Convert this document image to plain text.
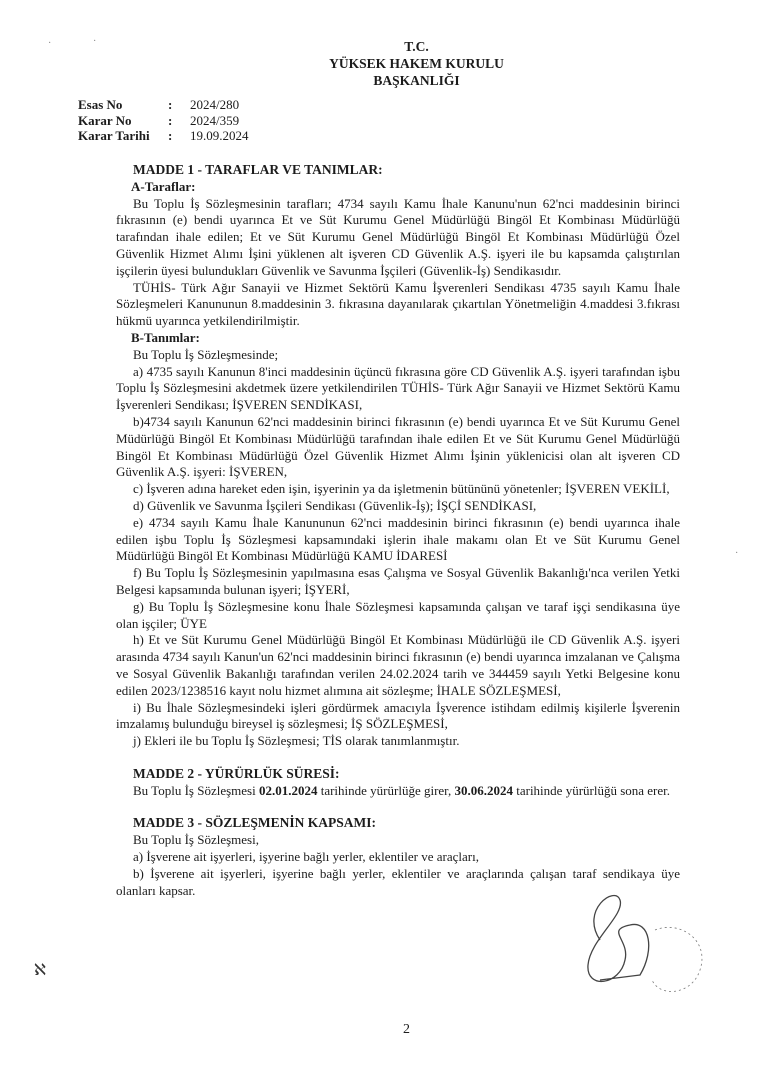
T.C.
YÜKSEK HAKEM KURULU
BAŞKANLIĞI
Esas No	:	2024/280
Karar No	:	2024/359
Karar Tarihi	:	19.09.2024

MADDE 1 - TARAFLAR VE TANIMLAR:

A-Taraflar:

Bu Toplu İş Sözleşmesinin tarafları; 4734 sayılı Kamu İhale Kanunu'nun 62'nci maddesinin birinci fıkrasının (e) bendi uyarınca Et ve Süt Kurumu Genel Müdürlüğü Bingöl Et Kombinası Müdürlüğü tarafından ihale edilen; Et ve Süt Kurumu Genel Müdürlüğü Bingöl Et Kombinası Müdürlüğü Özel Güvenlik Hizmet Alımı İşini yüklenen alt işveren CD Güvenlik A.Ş. işyeri ile bu kapsamda çalıştırılan işçilerin üyesi bulundukları Güvenlik ve Savunma İşçileri (Güvenlik-İş) Sendikasıdır.

TÜHİS- Türk Ağır Sanayii ve Hizmet Sektörü Kamu İşverenleri Sendikası 4735 sayılı Kamu İhale Sözleşmeleri Kanununun 8.maddesinin 3. fıkrasına dayanılarak çıkartılan Yönetmeliğin 4.maddesi 3.fıkrası hükmü uyarınca yetkilendirilmiştir.

B-Tanımlar:

Bu Toplu İş Sözleşmesinde;

a) 4735 sayılı Kanunun 8'inci maddesinin üçüncü fıkrasına göre CD Güvenlik A.Ş. işyeri tarafından işbu Toplu İş Sözleşmesini akdetmek üzere yetkilendirilen TÜHİS- Türk Ağır Sanayii ve Hizmet Sektörü Kamu İşverenleri Sendikası; İŞVEREN SENDİKASI,

b)4734 sayılı Kanunun 62'nci maddesinin birinci fıkrasının (e) bendi uyarınca Et ve Süt Kurumu Genel Müdürlüğü Bingöl Et Kombinası Müdürlüğü tarafından ihale edilen Et ve Süt Kurumu Genel Müdürlüğü Bingöl Et Kombinası Müdürlüğü Özel Güvenlik Hizmet Alımı İşinin yüklenicisi olan alt işveren CD Güvenlik A.Ş. işyeri: İŞVEREN,

c) İşveren adına hareket eden işin, işyerinin ya da işletmenin bütününü yönetenler; İŞVEREN VEKİLİ,

d) Güvenlik ve Savunma İşçileri Sendikası (Güvenlik-İş); İŞÇİ SENDİKASI,

e) 4734 sayılı Kamu İhale Kanununun 62'nci maddesinin birinci fıkrasının (e) bendi uyarınca ihale edilen işbu Toplu İş Sözleşmesi kapsamındaki işlerin ihale makamı olan Et ve Süt Kurumu Genel Müdürlüğü Bingöl Et Kombinası Müdürlüğü KAMU İDARESİ

f) Bu Toplu İş Sözleşmesinin yapılmasına esas Çalışma ve Sosyal Güvenlik Bakanlığı'nca verilen Yetki Belgesi kapsamında bulunan işyeri; İŞYERİ,

g) Bu Toplu İş Sözleşmesine konu İhale Sözleşmesi kapsamında çalışan ve taraf işçi sendikasına üye olan işçiler; ÜYE

h) Et ve Süt Kurumu Genel Müdürlüğü Bingöl Et Kombinası Müdürlüğü ile CD Güvenlik A.Ş. işyeri arasında 4734 sayılı Kanun'un 62'nci maddesinin birinci fıkrasının (e) bendi uyarınca imzalanan ve Çalışma ve Sosyal Güvenlik Bakanlığı tarafından verilen 24.02.2024 tarih ve 344459 sayılı Yetki Belgesine konu edilen 2023/1238516 kayıt nolu hizmet alımına ait sözleşme; İHALE SÖZLEŞMESİ,

i) Bu İhale Sözleşmesindeki işleri gördürmek amacıyla İşverence istihdam edilmiş kişilerle İşverenin imzalamış bulunduğu bireysel iş sözleşmesi; İŞ SÖZLEŞMESİ,

j) Ekleri ile bu Toplu İş Sözleşmesi; TİS olarak tanımlanmıştır.

MADDE 2 - YÜRÜRLÜK SÜRESİ:

Bu Toplu İş Sözleşmesi 02.01.2024 tarihinde yürürlüğe girer, 30.06.2024 tarihinde yürürlüğü sona erer.

MADDE 3 - SÖZLEŞMENİN KAPSAMI:

Bu Toplu İş Sözleşmesi,

a) İşverene ait işyerleri, işyerine bağlı yerler, eklentiler ve araçları,

b) İşverene ait işyerleri, işyerine bağlı yerler, eklentiler ve araçlarında çalışan taraf sendikaya üye olanları kapsar.

ℵ
·	·
·
2
